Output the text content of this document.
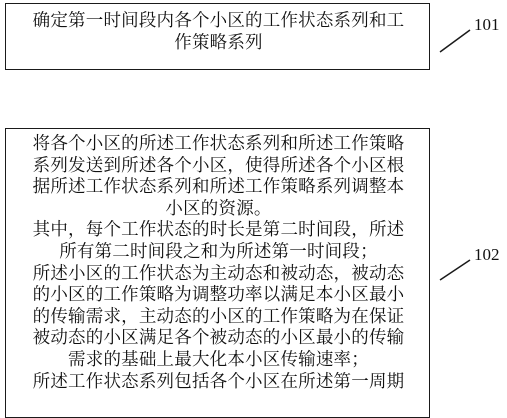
确定第一时间段内各个小区的工作状态系列和工
作策略系列
将各个小区的所述工作状态系列和所述工作策略
系列发送到所述各个小区，使得所述各个小区根
据所述工作状态系列和所述工作策略系列调整本
小区的资源。
其中，每个工作状态的时长是第二时间段，所述
所有第二时间段之和为所述第一时间段；
所述小区的工作状态为主动态和被动态，被动态
的小区的工作策略为调整功率以满足本小区最小
的传输需求，主动态的小区的工作策略为在保证
被动态的小区满足各个被动态的小区最小的传输
需求的基础上最大化本小区传输速率；
所述工作状态系列包括各个小区在所述第一周期
101
102
